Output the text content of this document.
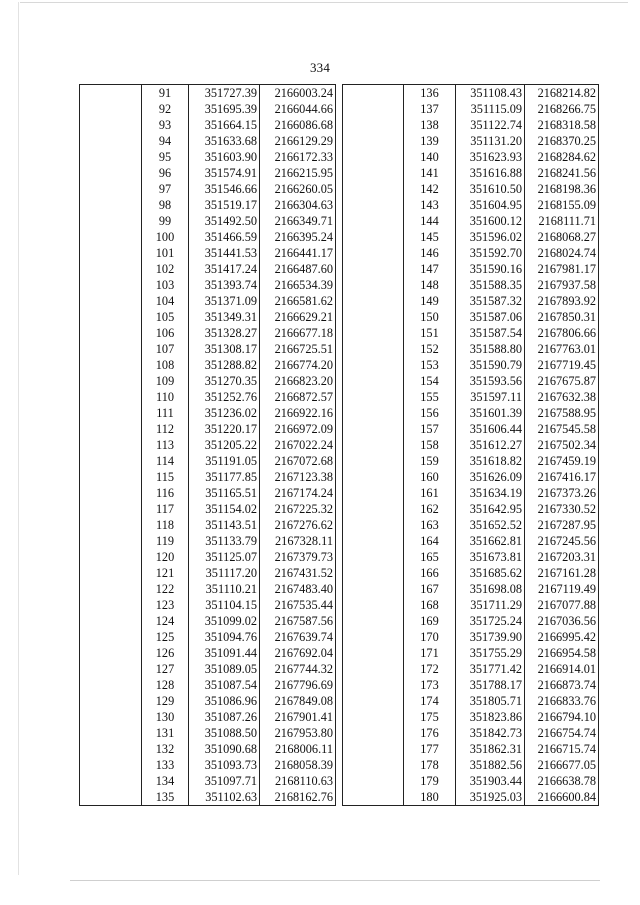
334
	91	351727.39	2166003.24
	92	351695.39	2166044.66
	93	351664.15	2166086.68
	94	351633.68	2166129.29
	95	351603.90	2166172.33
	96	351574.91	2166215.95
	97	351546.66	2166260.05
	98	351519.17	2166304.63
	99	351492.50	2166349.71
	100	351466.59	2166395.24
	101	351441.53	2166441.17
	102	351417.24	2166487.60
	103	351393.74	2166534.39
	104	351371.09	2166581.62
	105	351349.31	2166629.21
	106	351328.27	2166677.18
	107	351308.17	2166725.51
	108	351288.82	2166774.20
	109	351270.35	2166823.20
	110	351252.76	2166872.57
	111	351236.02	2166922.16
	112	351220.17	2166972.09
	113	351205.22	2167022.24
	114	351191.05	2167072.68
	115	351177.85	2167123.38
	116	351165.51	2167174.24
	117	351154.02	2167225.32
	118	351143.51	2167276.62
	119	351133.79	2167328.11
	120	351125.07	2167379.73
	121	351117.20	2167431.52
	122	351110.21	2167483.40
	123	351104.15	2167535.44
	124	351099.02	2167587.56
	125	351094.76	2167639.74
	126	351091.44	2167692.04
	127	351089.05	2167744.32
	128	351087.54	2167796.69
	129	351086.96	2167849.08
	130	351087.26	2167901.41
	131	351088.50	2167953.80
	132	351090.68	2168006.11
	133	351093.73	2168058.39
	134	351097.71	2168110.63
	135	351102.63	2168162.76
	136	351108.43	2168214.82
	137	351115.09	2168266.75
	138	351122.74	2168318.58
	139	351131.20	2168370.25
	140	351623.93	2168284.62
	141	351616.88	2168241.56
	142	351610.50	2168198.36
	143	351604.95	2168155.09
	144	351600.12	2168111.71
	145	351596.02	2168068.27
	146	351592.70	2168024.74
	147	351590.16	2167981.17
	148	351588.35	2167937.58
	149	351587.32	2167893.92
	150	351587.06	2167850.31
	151	351587.54	2167806.66
	152	351588.80	2167763.01
	153	351590.79	2167719.45
	154	351593.56	2167675.87
	155	351597.11	2167632.38
	156	351601.39	2167588.95
	157	351606.44	2167545.58
	158	351612.27	2167502.34
	159	351618.82	2167459.19
	160	351626.09	2167416.17
	161	351634.19	2167373.26
	162	351642.95	2167330.52
	163	351652.52	2167287.95
	164	351662.81	2167245.56
	165	351673.81	2167203.31
	166	351685.62	2167161.28
	167	351698.08	2167119.49
	168	351711.29	2167077.88
	169	351725.24	2167036.56
	170	351739.90	2166995.42
	171	351755.29	2166954.58
	172	351771.42	2166914.01
	173	351788.17	2166873.74
	174	351805.71	2166833.76
	175	351823.86	2166794.10
	176	351842.73	2166754.74
	177	351862.31	2166715.74
	178	351882.56	2166677.05
	179	351903.44	2166638.78
	180	351925.03	2166600.84
